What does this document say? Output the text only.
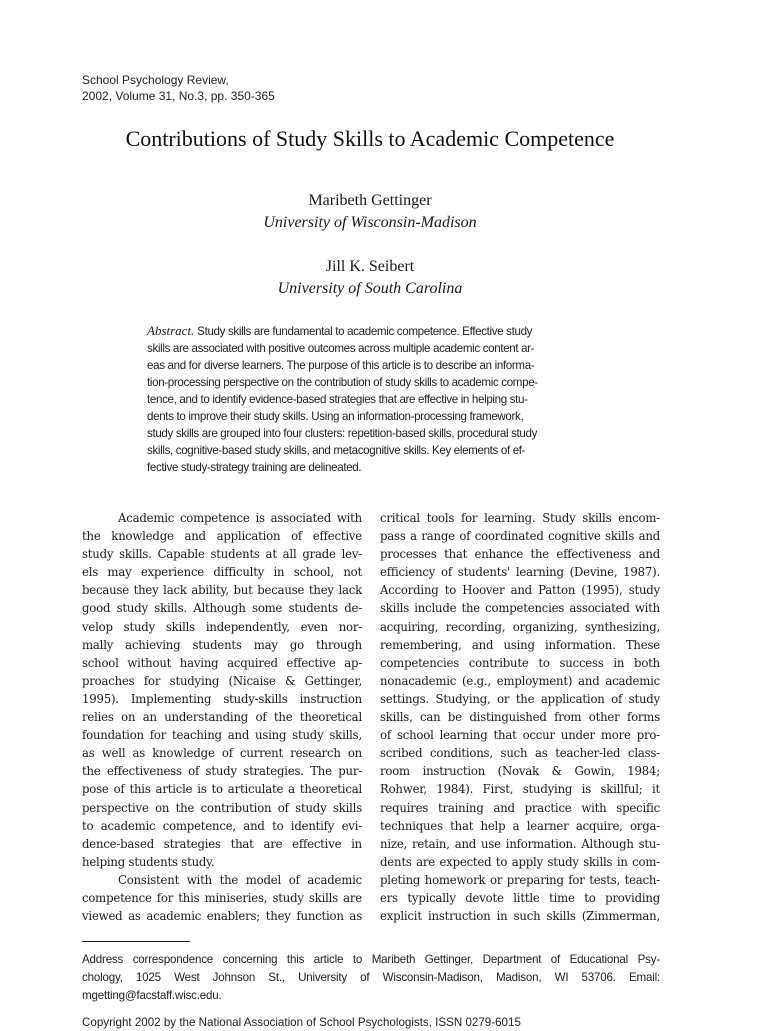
School Psychology Review,
2002, Volume 31, No.3, pp. 350-365
Contributions of Study Skills to Academic Competence
Maribeth Gettinger
University of Wisconsin-Madison
Jill K. Seibert
University of South Carolina
Abstract. Study skills are fundamental to academic competence. Effective study
skills are associated with positive outcomes across multiple academic content ar-
eas and for diverse learners. The purpose of this article is to describe an informa-
tion-processing perspective on the contribution of study skills to academic compe-
tence, and to identify evidence-based strategies that are effective in helping stu-
dents to improve their study skills. Using an information-processing framework,
study skills are grouped into four clusters: repetition-based skills, procedural study
skills, cognitive-based study skills, and metacognitive skills. Key elements of ef-
fective study-strategy training are delineated.
Academic competence is associated with
the knowledge and application of effective
study skills. Capable students at all grade lev-
els may experience difficulty in school, not
because they lack ability, but because they lack
good study skills. Although some students de-
velop study skills independently, even nor-
mally achieving students may go through
school without having acquired effective ap-
proaches for studying (Nicaise & Gettinger,
1995). Implementing study-skills instruction
relies on an understanding of the theoretical
foundation for teaching and using study skills,
as well as knowledge of current research on
the effectiveness of study strategies. The pur-
pose of this article is to articulate a theoretical
perspective on the contribution of study skills
to academic competence, and to identify evi-
dence-based strategies that are effective in
helping students study.
Consistent with the model of academic
competence for this miniseries, study skills are
viewed as academic enablers; they function as
critical tools for learning. Study skills encom-
pass a range of coordinated cognitive skills and
processes that enhance the effectiveness and
efficiency of students' learning (Devine, 1987).
According to Hoover and Patton (1995), study
skills include the competencies associated with
acquiring, recording, organizing, synthesizing,
remembering, and using information. These
competencies contribute to success in both
nonacademic (e.g., employment) and academic
settings. Studying, or the application of study
skills, can be distinguished from other forms
of school learning that occur under more pro-
scribed conditions, such as teacher-led class-
room instruction (Novak & Gowin, 1984;
Rohwer, 1984). First, studying is skillful; it
requires training and practice with specific
techniques that help a learner acquire, orga-
nize, retain, and use information. Although stu-
dents are expected to apply study skills in com-
pleting homework or preparing for tests, teach-
ers typically devote little time to providing
explicit instruction in such skills (Zimmerman,
Address correspondence concerning this article to Maribeth Gettinger, Department of Educational Psy-
chology, 1025 West Johnson St., University of Wisconsin-Madison, Madison, WI 53706. Email:
mgetting@facstaff.wisc.edu.
Copyright 2002 by the National Association of School Psychologists, ISSN 0279-6015
